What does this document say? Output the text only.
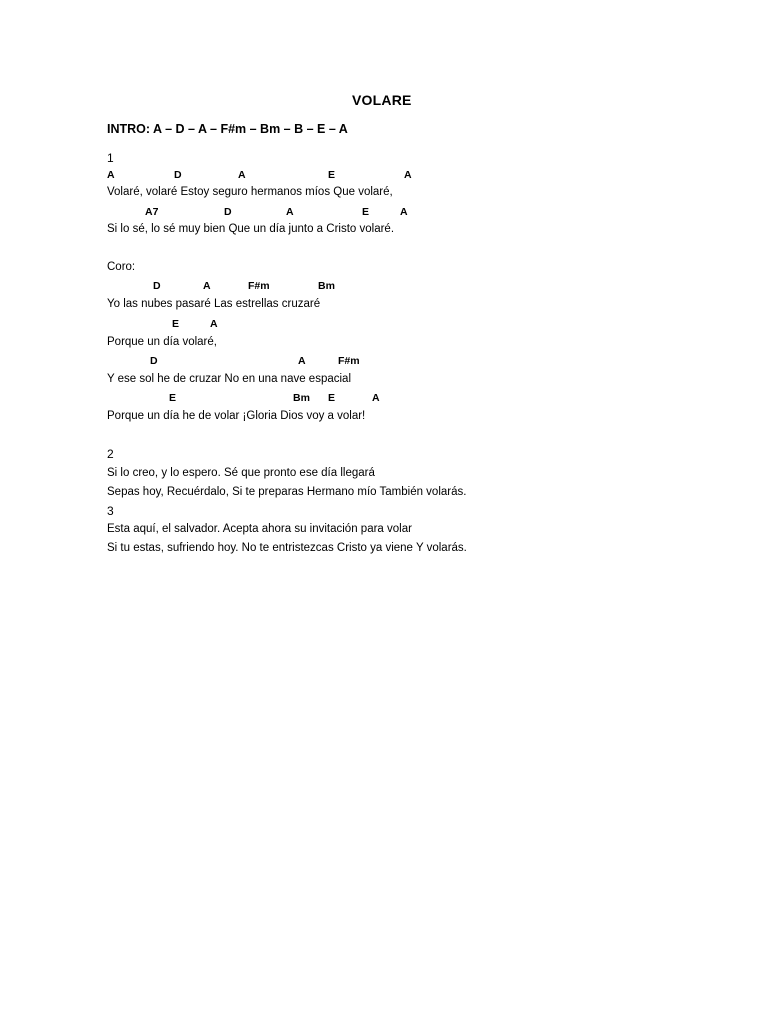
VOLARE
INTRO: A – D – A – F#m – Bm – B – E – A
1
A	D	A	E	A
Volaré, volaré Estoy seguro hermanos míos Que volaré,
A7	D	A	E	A
Si lo sé, lo sé muy bien Que un día junto a Cristo volaré.
Coro:
D	A	F#m	Bm
Yo las nubes pasaré Las estrellas cruzaré
E	A
Porque un día volaré,
D	A	F#m
Y ese sol he de cruzar No en una nave espacial
E	Bm E	A
Porque un día he de volar ¡Gloria Dios voy a volar!
2
Si lo creo, y lo espero. Sé que pronto ese día llegará
Sepas hoy, Recuérdalo, Si te preparas Hermano mío También volarás.
3
Esta aquí, el salvador. Acepta ahora su invitación para volar
Si tu estas, sufriendo hoy. No te entristezcas Cristo ya viene Y volarás.
